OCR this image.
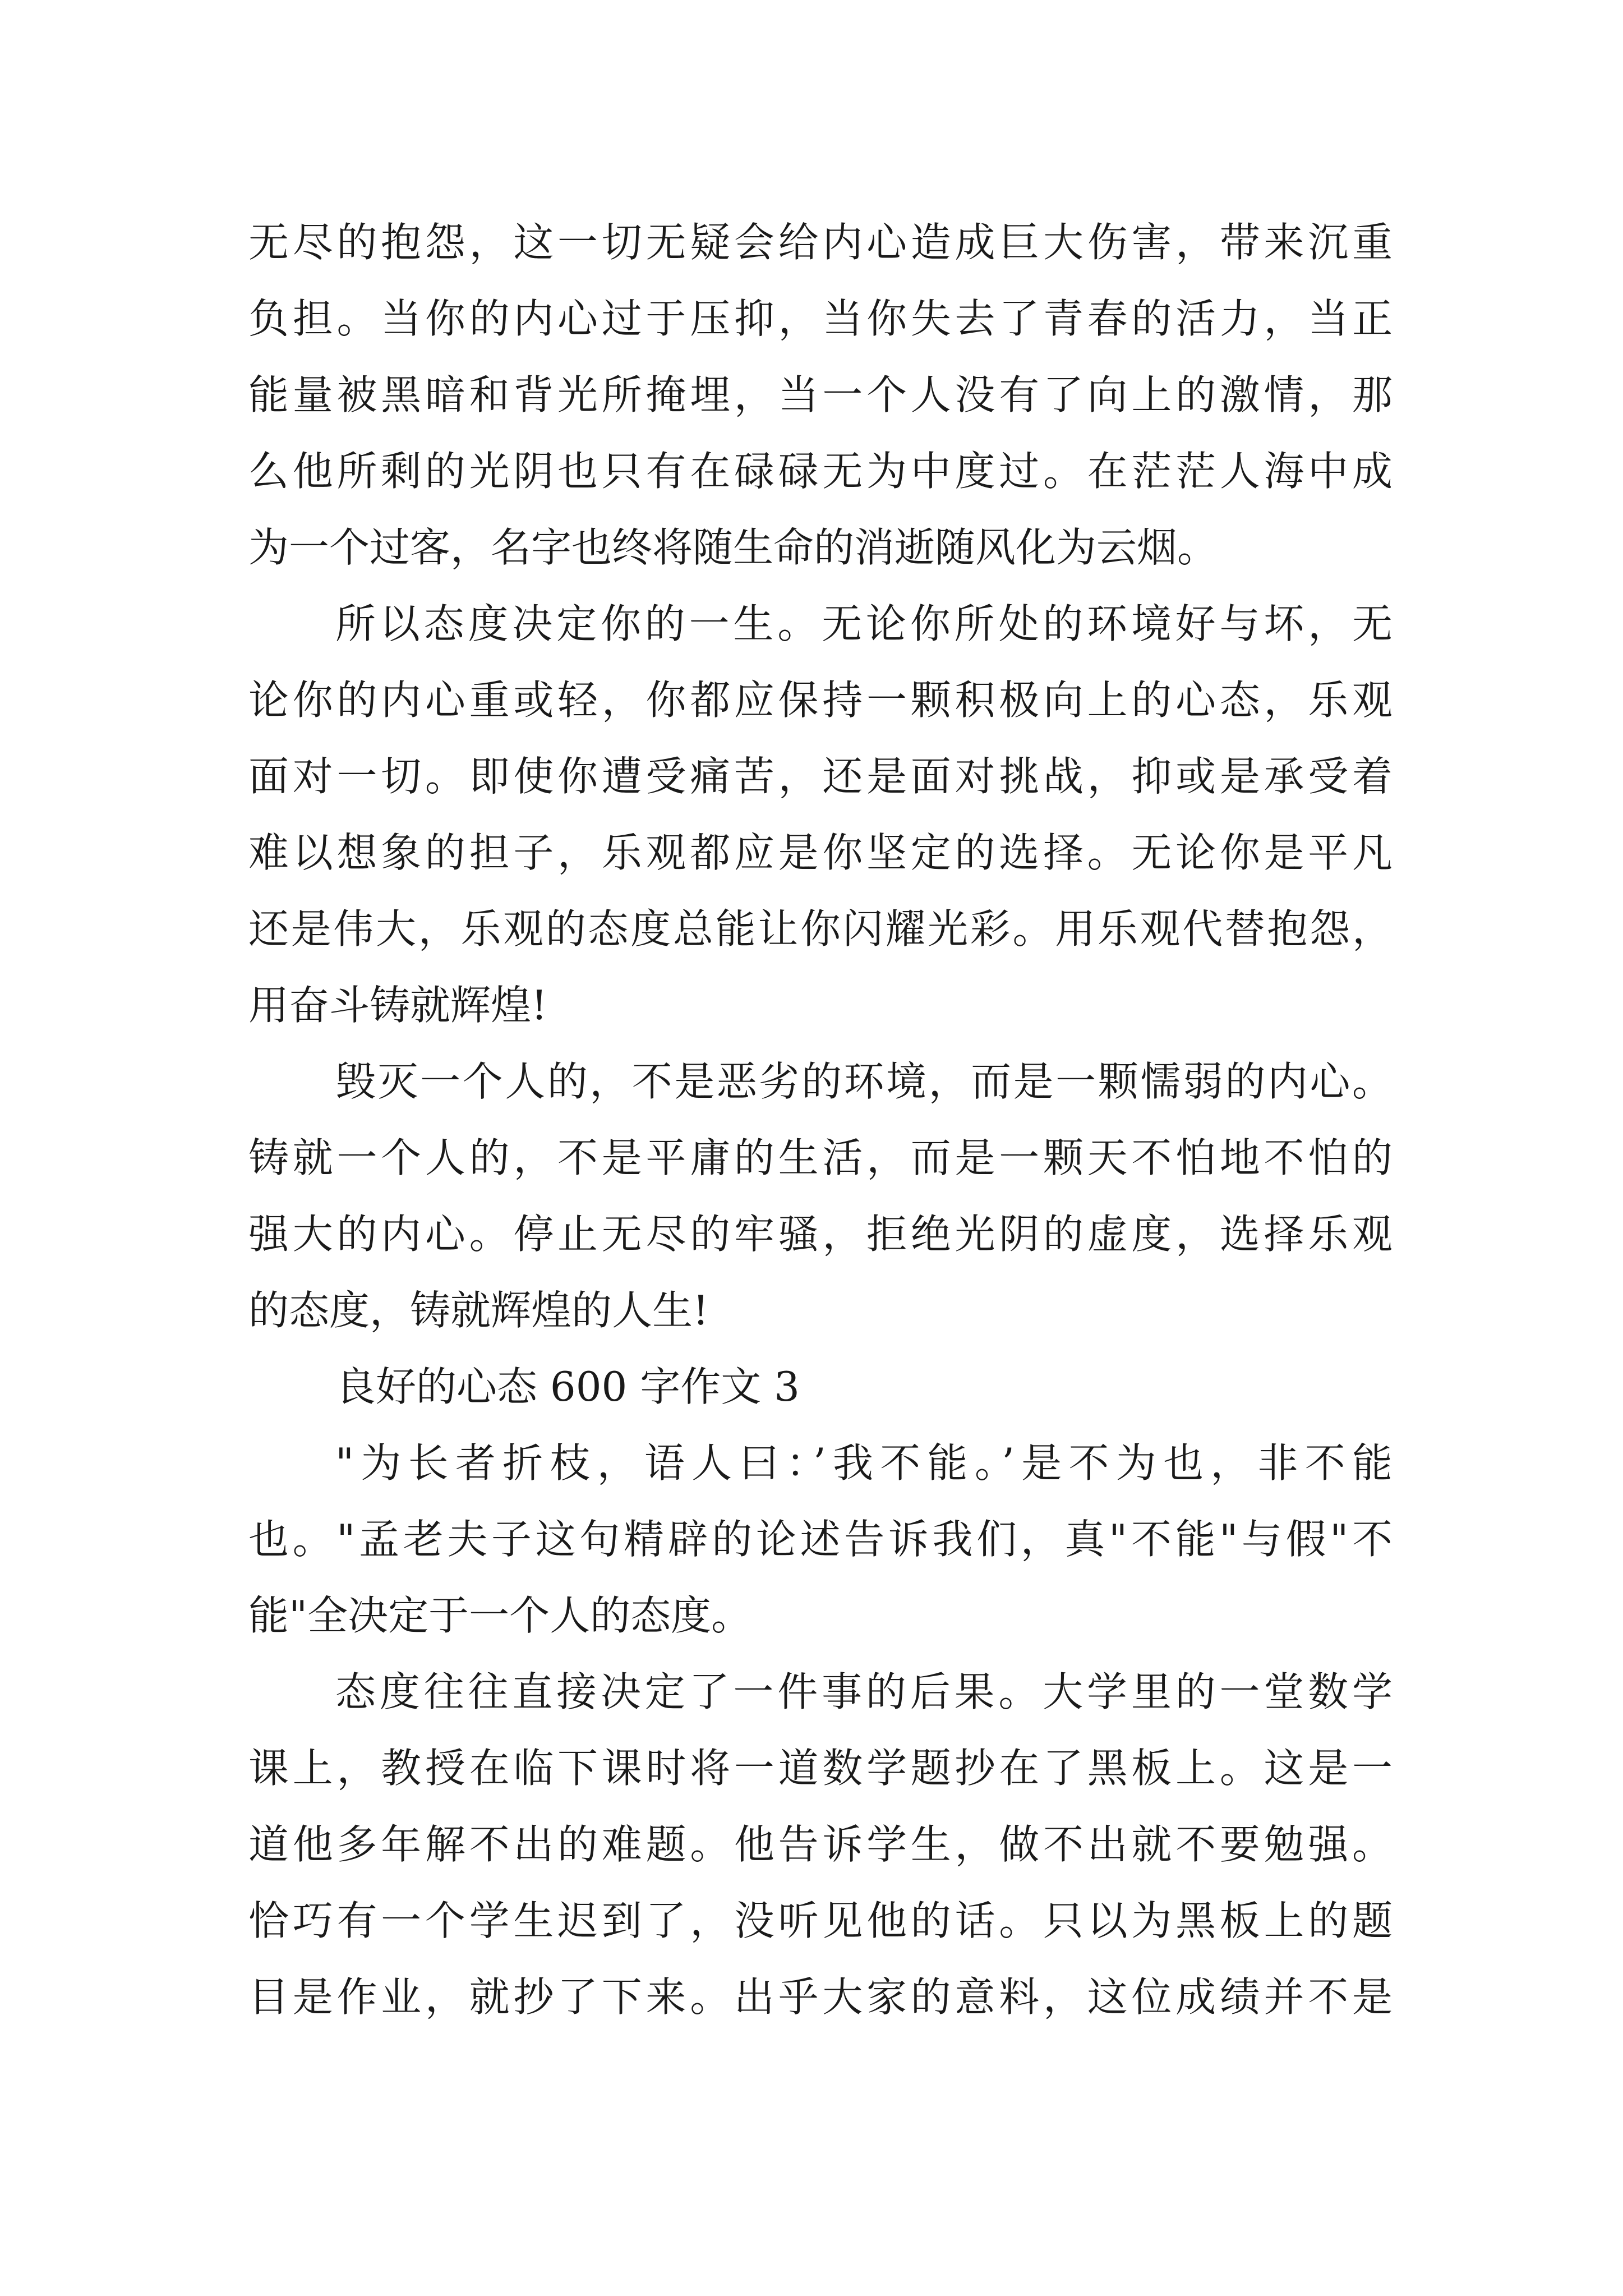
无尽的抱怨，这一切无疑会给内心造成巨大伤害，带来沉重
负担。当你的内心过于压抑，当你失去了青春的活力，当正
能量被黑暗和背光所掩埋，当一个人没有了向上的激情，那
么他所剩的光阴也只有在碌碌无为中度过。在茫茫人海中成
为一个过客，名字也终将随生命的消逝随风化为云烟。
所以态度决定你的一生。无论你所处的环境好与坏，无
论你的内心重或轻，你都应保持一颗积极向上的心态，乐观
面对一切。即使你遭受痛苦，还是面对挑战，抑或是承受着
难以想象的担子，乐观都应是你坚定的选择。无论你是平凡
还是伟大，乐观的态度总能让你闪耀光彩。用乐观代替抱怨，
用奋斗铸就辉煌!
毁灭一个人的，不是恶劣的环境，而是一颗懦弱的内心。
铸就一个人的，不是平庸的生活，而是一颗天不怕地不怕的
强大的内心。停止无尽的牢骚，拒绝光阴的虚度，选择乐观
的态度，铸就辉煌的人生!
良好的心态 600 字作文 3
"为长者折枝，语人曰：’我不能。’是不为也，非不能
也。"孟老夫子这句精辟的论述告诉我们，真"不能"与假"不
能"全决定于一个人的态度。
态度往往直接决定了一件事的后果。大学里的一堂数学
课上，教授在临下课时将一道数学题抄在了黑板上。这是一
道他多年解不出的难题。他告诉学生，做不出就不要勉强。
恰巧有一个学生迟到了，没听见他的话。只以为黑板上的题
目是作业，就抄了下来。出乎大家的意料，这位成绩并不是
